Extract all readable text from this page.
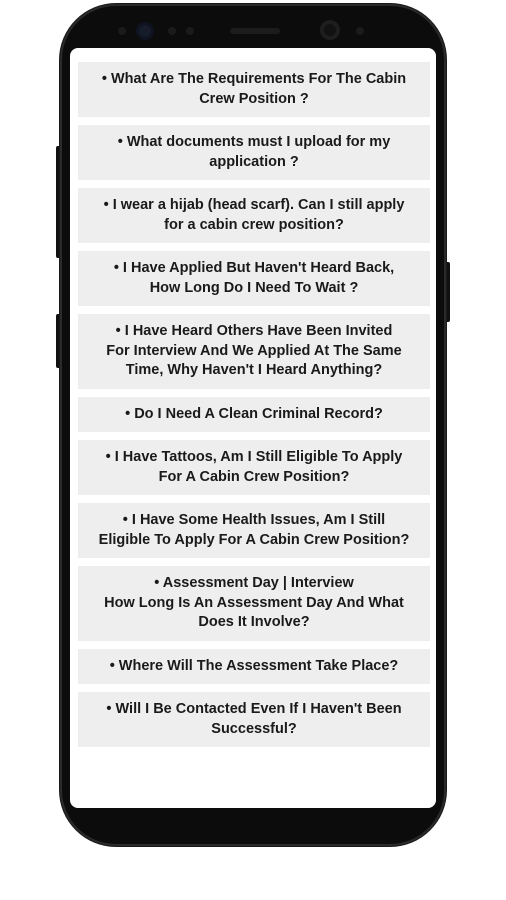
• What Are The Requirements For The Cabin
Crew Position ?
• What documents must I upload for my
application ?
• I wear a hijab (head scarf). Can I still apply
for a cabin crew position?
• I Have Applied But Haven't Heard Back,
How Long Do I Need To Wait ?
• I Have Heard Others Have Been Invited
For Interview And We Applied At The Same
Time, Why Haven't I Heard Anything?
• Do I Need A Clean Criminal Record?
• I Have Tattoos, Am I Still Eligible To Apply
For A Cabin Crew Position?
• I Have Some Health Issues, Am I Still
Eligible To Apply For A Cabin Crew Position?
• Assessment Day | Interview
How Long Is An Assessment Day And What
Does It Involve?
• Where Will The Assessment Take Place?
• Will I Be Contacted Even If I Haven't Been
Successful?
